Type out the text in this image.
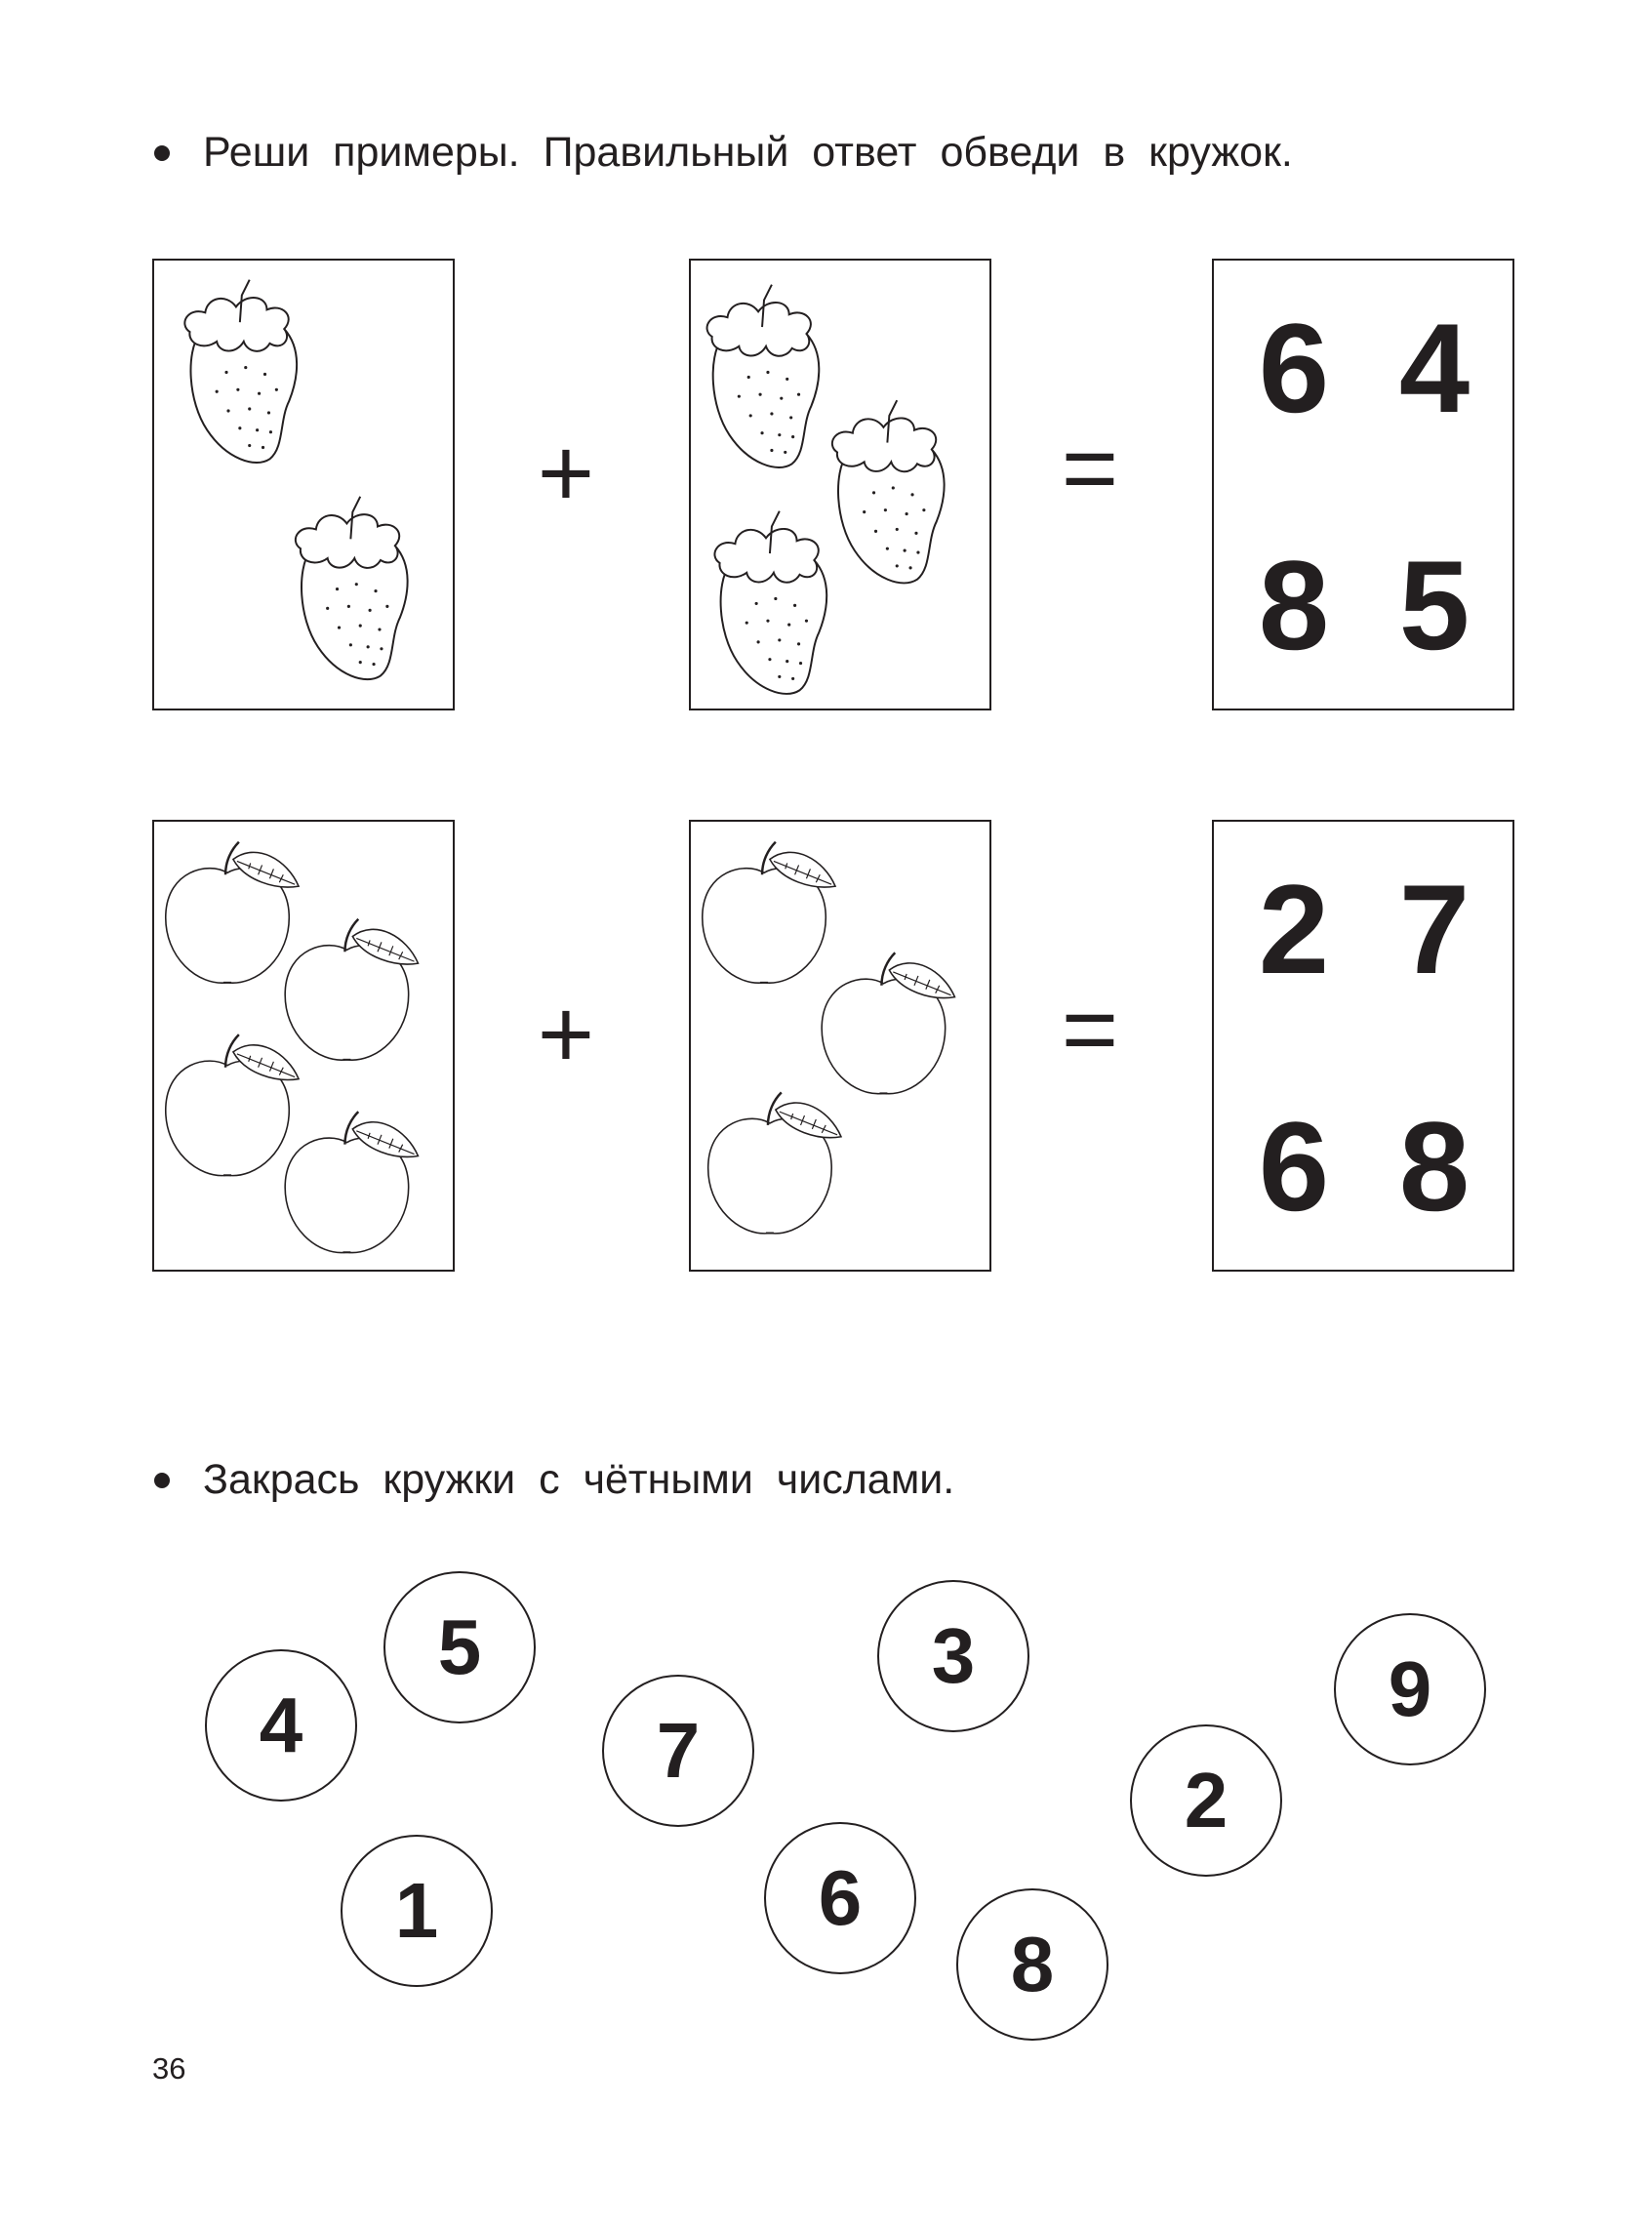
Реши примеры. Правильный ответ обведи в кружок.
+	=
6 4
8 5
+	=
2 7
6 8
Закрась кружки с чётными числами.
4
5
1
7
3
6
8
2
9
36
